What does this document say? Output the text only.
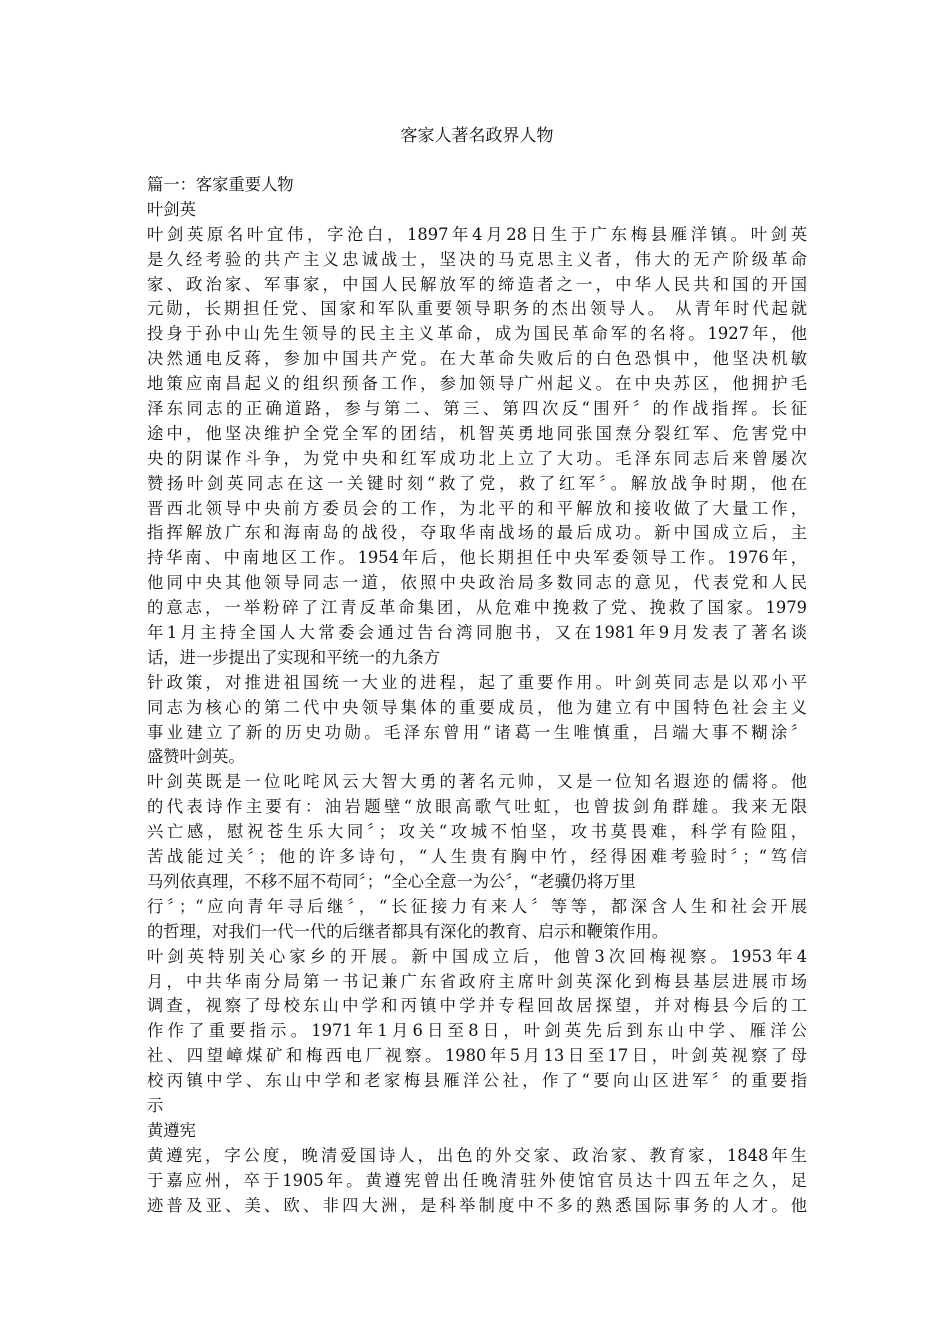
客家人著名政界人物
篇一：客家重要人物
叶剑英
叶剑英原名叶宜伟，字沧白，1897年4月28日生于广东梅县雁洋镇。叶剑英
是久经考验的共产主义忠诚战士，坚决的马克思主义者，伟大的无产阶级革命
家、政治家、军事家，中国人民解放军的缔造者之一，中华人民共和国的开国
元勋，长期担任党、国家和军队重要领导职务的杰出领导人。 从青年时代起就
投身于孙中山先生领导的民主主义革命，成为国民革命军的名将。1927年，他
决然通电反蒋，参加中国共产党。在大革命失败后的白色恐惧中，他坚决机敏
地策应南昌起义的组织预备工作，参加领导广州起义。在中央苏区，他拥护毛
泽东同志的正确道路，参与第二、第三、第四次反“围歼〞的作战指挥。长征
途中，他坚决维护全党全军的团结，机智英勇地同张国焘分裂红军、危害党中
央的阴谋作斗争，为党中央和红军成功北上立了大功。毛泽东同志后来曾屡次
赞扬叶剑英同志在这一关键时刻“救了党，救了红军〞。解放战争时期，他在
晋西北领导中央前方委员会的工作，为北平的和平解放和接收做了大量工作，
指挥解放广东和海南岛的战役，夺取华南战场的最后成功。新中国成立后，主
持华南、中南地区工作。1954年后，他长期担任中央军委领导工作。1976年，
他同中央其他领导同志一道，依照中央政治局多数同志的意见，代表党和人民
的意志，一举粉碎了江青反革命集团，从危难中挽救了党、挽救了国家。1979
年1月主持全国人大常委会通过告台湾同胞书，又在1981年9月发表了著名谈
话，进一步提出了实现和平统一的九条方
针政策，对推进祖国统一大业的进程，起了重要作用。叶剑英同志是以邓小平
同志为核心的第二代中央领导集体的重要成员，他为建立有中国特色社会主义
事业建立了新的历史功勋。毛泽东曾用“诸葛一生唯慎重，吕端大事不糊涂〞
盛赞叶剑英。
叶剑英既是一位叱咤风云大智大勇的著名元帅，又是一位知名遐迩的儒将。他
的代表诗作主要有：油岩题壁“放眼高歌气吐虹，也曾拔剑角群雄。我来无限
兴亡感，慰祝苍生乐大同〞；攻关“攻城不怕坚，攻书莫畏难，科学有险阻，
苦战能过关〞；他的许多诗句，“人生贵有胸中竹，经得困难考验时〞；“笃信
马列依真理，不移不屈不苟同〞；“全心全意一为公〞，“老骥仍将万里
行〞；“应向青年寻后继〞，“长征接力有来人〞等等，都深含人生和社会开展
的哲理，对我们一代一代的后继者都具有深化的教育、启示和鞭策作用。
叶剑英特别关心家乡的开展。新中国成立后，他曾3次回梅视察。1953年4
月，中共华南分局第一书记兼广东省政府主席叶剑英深化到梅县基层进展市场
调查，视察了母校东山中学和丙镇中学并专程回故居探望，并对梅县今后的工
作作了重要指示。1971年1月6日至8日，叶剑英先后到东山中学、雁洋公
社、四望嶂煤矿和梅西电厂视察。1980年5月13日至17日，叶剑英视察了母
校丙镇中学、东山中学和老家梅县雁洋公社，作了“要向山区进军〞的重要指
示
黄遵宪
黄遵宪，字公度，晚清爱国诗人，出色的外交家、政治家、教育家，1848年生
于嘉应州，卒于1905年。黄遵宪曾出任晚清驻外使馆官员达十四五年之久，足
迹普及亚、美、欧、非四大洲，是科举制度中不多的熟悉国际事务的人才。他
